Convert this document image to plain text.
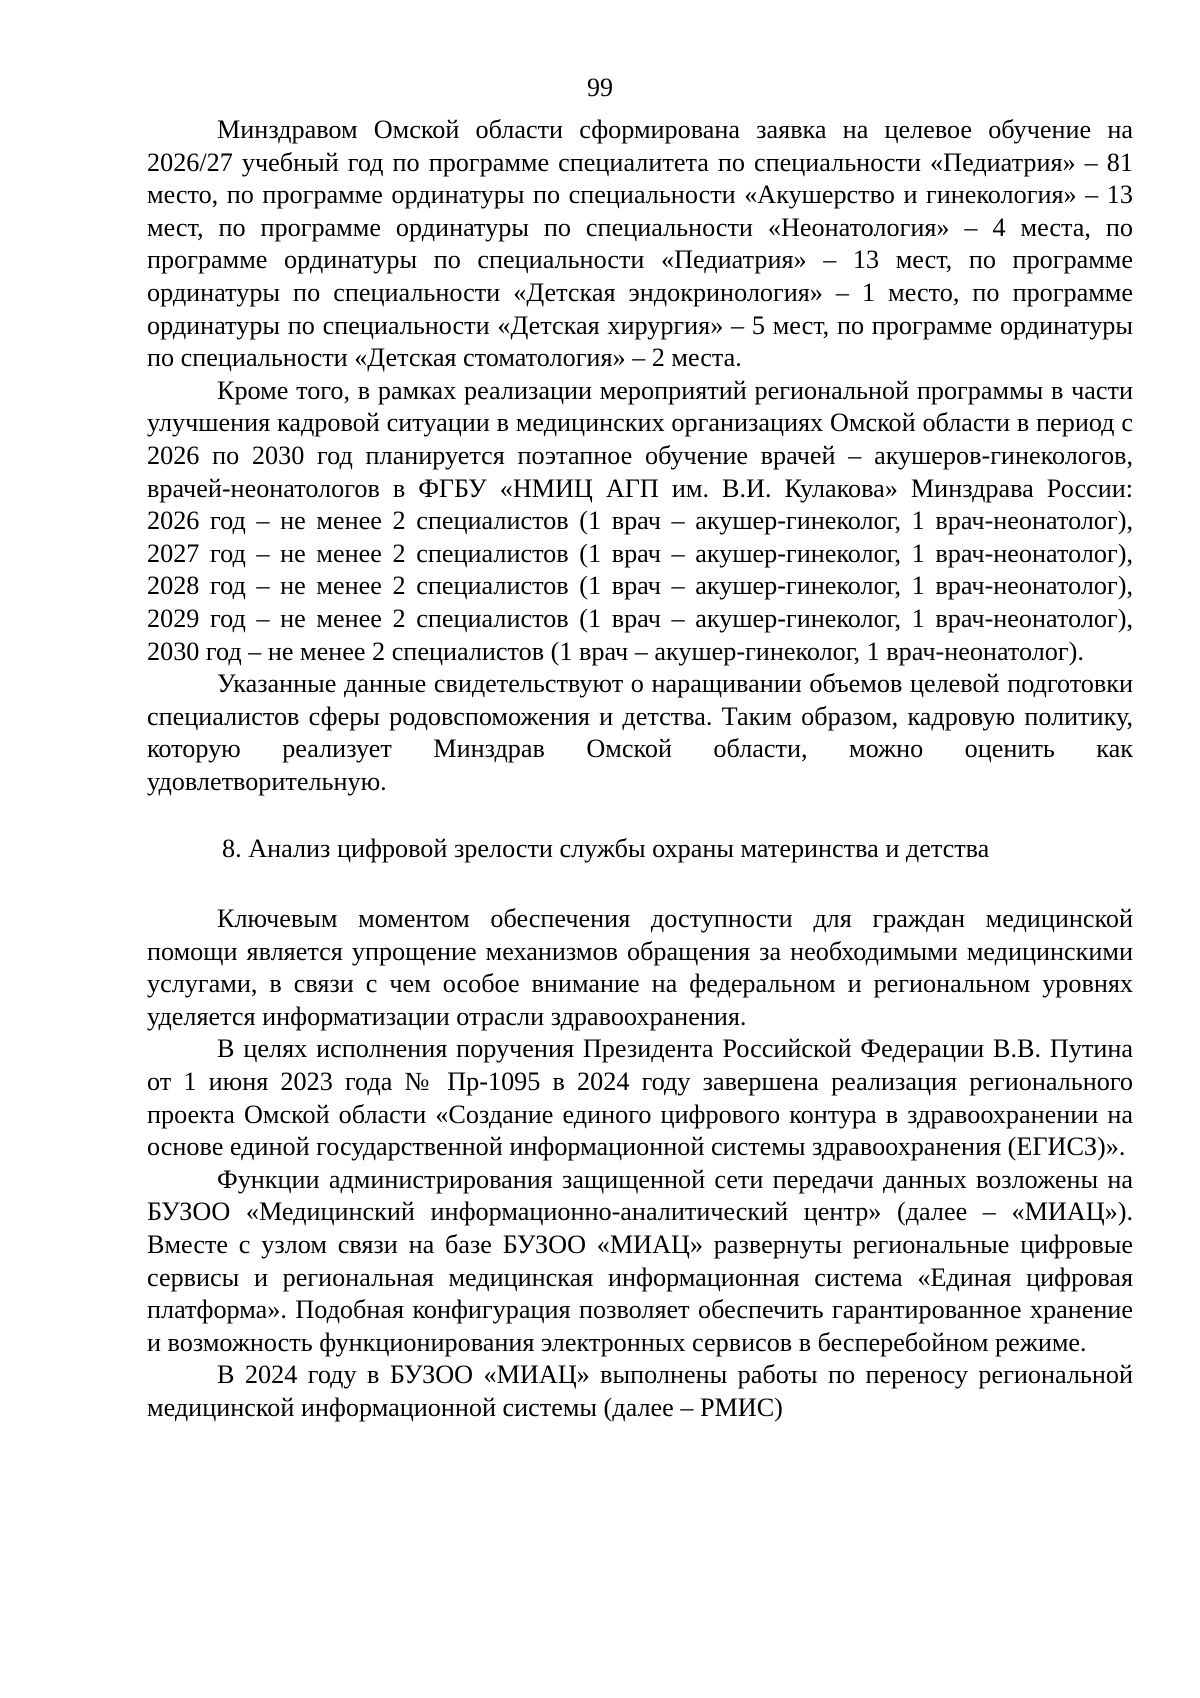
99

Минздравом Омской области сформирована заявка на целевое обучение на 2026/27 учебный год по программе специалитета по специальности «Педиатрия» – 81 место, по программе ординатуры по специальности «Акушерство и гинекология» – 13 мест, по программе ординатуры по специальности «Неонатология» – 4 места, по программе ординатуры по специальности «Педиатрия» – 13 мест, по программе ординатуры по специальности «Детская эндокринология» – 1 место, по программе ординатуры по специальности «Детская хирургия» – 5 мест, по программе ординатуры по специальности «Детская стоматология» – 2 места.

Кроме того, в рамках реализации мероприятий региональной программы в части улучшения кадровой ситуации в медицинских организациях Омской области в период с 2026 по 2030 год планируется поэтапное обучение врачей – акушеров-гинекологов, врачей-неонатологов в ФГБУ «НМИЦ АГП им. В.И. Кулакова» Минздрава России: 2026 год – не менее 2 специалистов (1 врач – акушер-гинеколог, 1 врач-неонатолог), 2027 год – не менее 2 специалистов (1 врач – акушер-гинеколог, 1 врач-неонатолог), 2028 год – не менее 2 специалистов (1 врач – акушер-гинеколог, 1 врач-неонатолог), 2029 год – не менее 2 специалистов (1 врач – акушер-гинеколог, 1 врач-неонатолог), 2030 год – не менее 2 специалистов (1 врач – акушер-гинеколог, 1 врач-неонатолог).

Указанные данные свидетельствуют о наращивании объемов целевой подготовки специалистов сферы родовспоможения и детства. Таким образом, кадровую политику, которую реализует Минздрав Омской области, можно оценить как удовлетворительную.

8. Анализ цифровой зрелости службы охраны материнства и детства

Ключевым моментом обеспечения доступности для граждан медицинской помощи является упрощение механизмов обращения за необходимыми медицинскими услугами, в связи с чем особое внимание на федеральном и региональном уровнях уделяется информатизации отрасли здравоохранения.

В целях исполнения поручения Президента Российской Федерации В.В. Путина от 1 июня 2023 года № Пр-1095 в 2024 году завершена реализация регионального проекта Омской области «Создание единого цифрового контура в здравоохранении на основе единой государственной информационной системы здравоохранения (ЕГИСЗ)».

Функции администрирования защищенной сети передачи данных возложены на БУЗОО «Медицинский информационно-аналитический центр» (далее – «МИАЦ»). Вместе с узлом связи на базе БУЗОО «МИАЦ» развернуты региональные цифровые сервисы и региональная медицинская информационная система «Единая цифровая платформа». Подобная конфигурация позволяет обеспечить гарантированное хранение и возможность функционирования электронных сервисов в бесперебойном режиме.

В 2024 году в БУЗОО «МИАЦ» выполнены работы по переносу региональной медицинской информационной системы (далее – РМИС)
